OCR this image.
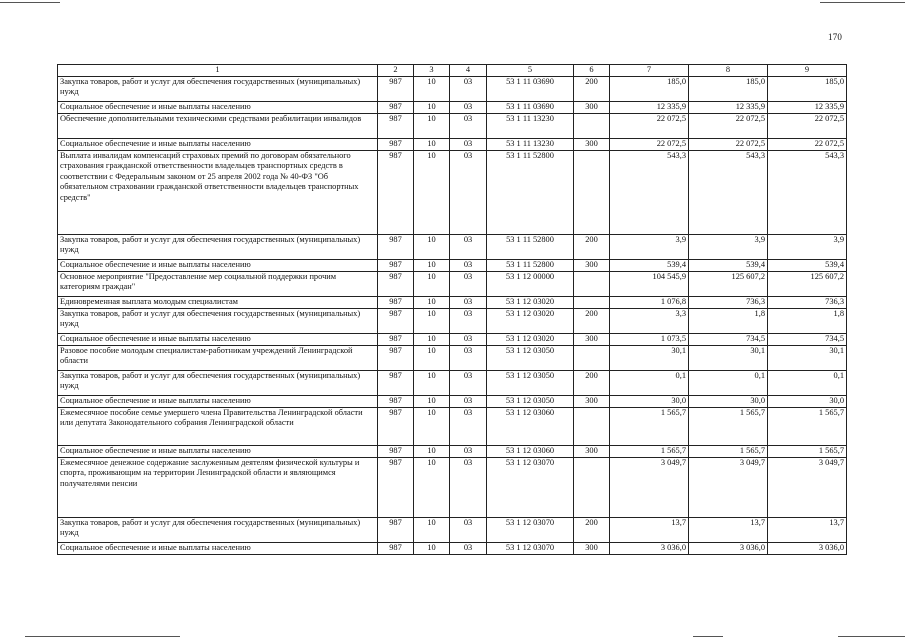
170
1	2	3	4	5	6	7	8	9
Закупка товаров, работ и услуг для обеспечения государственных (муниципальных) нужд	987	10	03	53 1 11 03690	200	185,0	185,0	185,0
Социальное обеспечение и иные выплаты населению	987	10	03	53 1 11 03690	300	12 335,9	12 335,9	12 335,9
Обеспечение дополнительными техническими средствами реабилитации инвалидов	987	10	03	53 1 11 13230		22 072,5	22 072,5	22 072,5
Социальное обеспечение и иные выплаты населению	987	10	03	53 1 11 13230	300	22 072,5	22 072,5	22 072,5
Выплата инвалидам компенсаций страховых премий по договорам обязательного страхования гражданской ответственности владельцев транспортных средств в соответствии с Федеральным законом от 25 апреля 2002 года № 40-ФЗ "Об обязательном страховании гражданской ответственности владельцев транспортных средств"	987	10	03	53 1 11 52800		543,3	543,3	543,3
Закупка товаров, работ и услуг для обеспечения государственных (муниципальных) нужд	987	10	03	53 1 11 52800	200	3,9	3,9	3,9
Социальное обеспечение и иные выплаты населению	987	10	03	53 1 11 52800	300	539,4	539,4	539,4
Основное мероприятие "Предоставление мер социальной поддержки прочим категориям граждан"	987	10	03	53 1 12 00000		104 545,9	125 607,2	125 607,2
Единовременная выплата молодым специалистам	987	10	03	53 1 12 03020		1 076,8	736,3	736,3
Закупка товаров, работ и услуг для обеспечения государственных (муниципальных) нужд	987	10	03	53 1 12 03020	200	3,3	1,8	1,8
Социальное обеспечение и иные выплаты населению	987	10	03	53 1 12 03020	300	1 073,5	734,5	734,5
Разовое пособие молодым специалистам-работникам учреждений Ленинградской области	987	10	03	53 1 12 03050		30,1	30,1	30,1
Закупка товаров, работ и услуг для обеспечения государственных (муниципальных) нужд	987	10	03	53 1 12 03050	200	0,1	0,1	0,1
Социальное обеспечение и иные выплаты населению	987	10	03	53 1 12 03050	300	30,0	30,0	30,0
Ежемесячное пособие семье умершего члена Правительства Ленинградской области или депутата Законодательного собрания Ленинградской области	987	10	03	53 1 12 03060		1 565,7	1 565,7	1 565,7
Социальное обеспечение и иные выплаты населению	987	10	03	53 1 12 03060	300	1 565,7	1 565,7	1 565,7
Ежемесячное денежное содержание заслуженным деятелям физической культуры и спорта, проживающим на территории Ленинградской области и являющимся получателями пенсии	987	10	03	53 1 12 03070		3 049,7	3 049,7	3 049,7
Закупка товаров, работ и услуг для обеспечения государственных (муниципальных) нужд	987	10	03	53 1 12 03070	200	13,7	13,7	13,7
Социальное обеспечение и иные выплаты населению	987	10	03	53 1 12 03070	300	3 036,0	3 036,0	3 036,0
